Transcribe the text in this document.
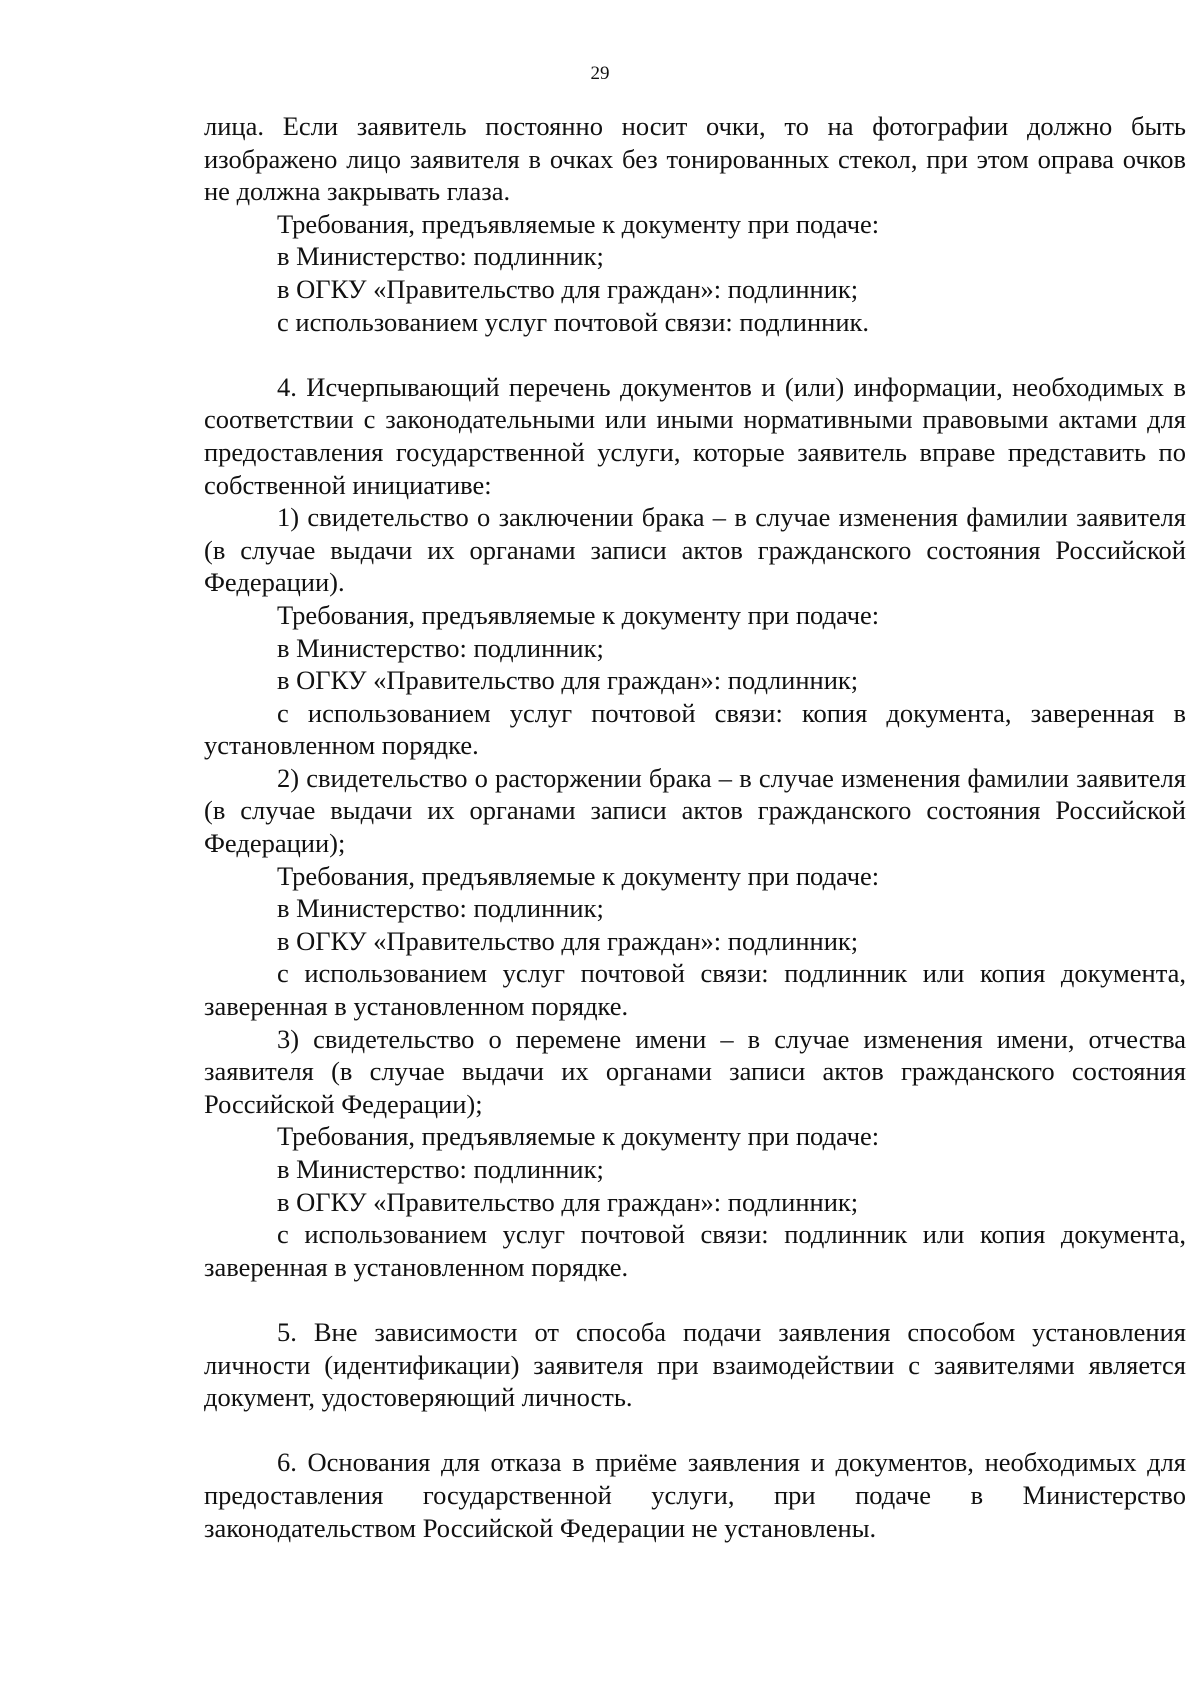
29
лица. Если заявитель постоянно носит очки, то на фотографии должно быть изображено лицо заявителя в очках без тонированных стекол, при этом оправа очков не должна закрывать глаза.
Требования, предъявляемые к документу при подаче:
в Министерство: подлинник;
в ОГКУ «Правительство для граждан»: подлинник;
с использованием услуг почтовой связи: подлинник.
4. Исчерпывающий перечень документов и (или) информации, необходимых в соответствии с законодательными или иными нормативными правовыми актами для предоставления государственной услуги, которые заявитель вправе представить по собственной инициативе:
1) свидетельство о заключении брака – в случае изменения фамилии заявителя (в случае выдачи их органами записи актов гражданского состояния Российской Федерации).
Требования, предъявляемые к документу при подаче:
в Министерство: подлинник;
в ОГКУ «Правительство для граждан»: подлинник;
с использованием услуг почтовой связи: копия документа, заверенная в установленном порядке.
2) свидетельство о расторжении брака – в случае изменения фамилии заявителя (в случае выдачи их органами записи актов гражданского состояния Российской Федерации);
Требования, предъявляемые к документу при подаче:
в Министерство: подлинник;
в ОГКУ «Правительство для граждан»: подлинник;
с использованием услуг почтовой связи: подлинник или копия документа, заверенная в установленном порядке.
3) свидетельство о перемене имени – в случае изменения имени, отчества заявителя (в случае выдачи их органами записи актов гражданского состояния Российской Федерации);
Требования, предъявляемые к документу при подаче:
в Министерство: подлинник;
в ОГКУ «Правительство для граждан»: подлинник;
с использованием услуг почтовой связи: подлинник или копия документа, заверенная в установленном порядке.
5. Вне зависимости от способа подачи заявления способом установления личности (идентификации) заявителя при взаимодействии с заявителями является документ, удостоверяющий личность.
6. Основания для отказа в приёме заявления и документов, необходимых для предоставления государственной услуги, при подаче в Министерство законодательством Российской Федерации не установлены.
